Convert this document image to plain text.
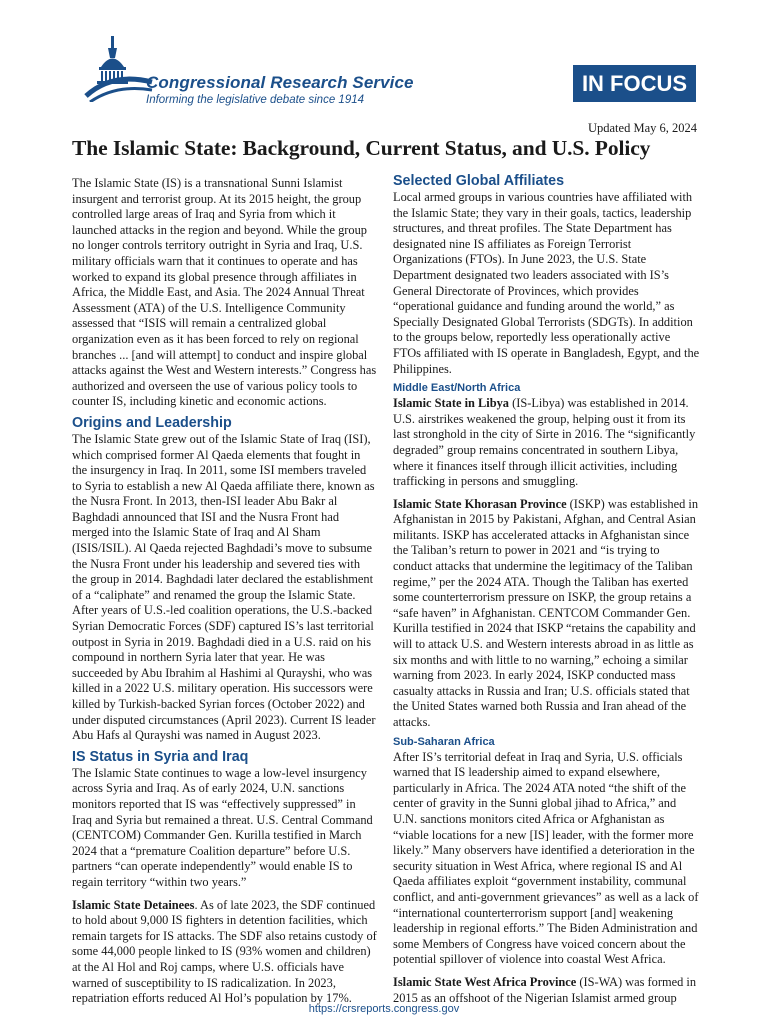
Congressional Research Service
Informing the legislative debate since 1914
IN FOCUS
Updated May 6, 2024
The Islamic State: Background, Current Status, and U.S. Policy

The Islamic State (IS) is a transnational Sunni Islamist insurgent and terrorist group. At its 2015 height, the group controlled large areas of Iraq and Syria from which it launched attacks in the region and beyond. While the group no longer controls territory outright in Syria and Iraq, U.S. military officials warn that it continues to operate and has worked to expand its global presence through affiliates in Africa, the Middle East, and Asia. The 2024 Annual Threat Assessment (ATA) of the U.S. Intelligence Community assessed that “ISIS will remain a centralized global organization even as it has been forced to rely on regional branches ... [and will attempt] to conduct and inspire global attacks against the West and Western interests.” Congress has authorized and overseen the use of various policy tools to counter IS, including kinetic and economic actions.

Origins and Leadership

The Islamic State grew out of the Islamic State of Iraq (ISI), which comprised former Al Qaeda elements that fought in the insurgency in Iraq. In 2011, some ISI members traveled to Syria to establish a new Al Qaeda affiliate there, known as the Nusra Front. In 2013, then-ISI leader Abu Bakr al Baghdadi announced that ISI and the Nusra Front had merged into the Islamic State of Iraq and Al Sham (ISIS/ISIL). Al Qaeda rejected Baghdadi’s move to subsume the Nusra Front under his leadership and severed ties with the group in 2014. Baghdadi later declared the establishment of a “caliphate” and renamed the group the Islamic State. After years of U.S.-led coalition operations, the U.S.-backed Syrian Democratic Forces (SDF) captured IS’s last territorial outpost in Syria in 2019. Baghdadi died in a U.S. raid on his compound in northern Syria later that year. He was succeeded by Abu Ibrahim al Hashimi al Qurayshi, who was killed in a 2022 U.S. military operation. His successors were killed by Turkish-backed Syrian forces (October 2022) and under disputed circumstances (April 2023). Current IS leader Abu Hafs al Qurayshi was named in August 2023.

IS Status in Syria and Iraq

The Islamic State continues to wage a low-level insurgency across Syria and Iraq. As of early 2024, U.N. sanctions monitors reported that IS was “effectively suppressed” in Iraq and Syria but remained a threat. U.S. Central Command (CENTCOM) Commander Gen. Kurilla testified in March 2024 that a “premature Coalition departure” before U.S. partners “can operate independently” would enable IS to regain territory “within two years.”

Islamic State Detainees. As of late 2023, the SDF continued to hold about 9,000 IS fighters in detention facilities, which remain targets for IS attacks. The SDF also retains custody of some 44,000 people linked to IS (93% women and children) at the Al Hol and Roj camps, where U.S. officials have warned of susceptibility to IS radicalization. In 2023, repatriation efforts reduced Al Hol’s population by 17%.

Selected Global Affiliates

Local armed groups in various countries have affiliated with the Islamic State; they vary in their goals, tactics, leadership structures, and threat profiles. The State Department has designated nine IS affiliates as Foreign Terrorist Organizations (FTOs). In June 2023, the U.S. State Department designated two leaders associated with IS’s General Directorate of Provinces, which provides “operational guidance and funding around the world,” as Specially Designated Global Terrorists (SDGTs). In addition to the groups below, reportedly less operationally active FTOs affiliated with IS operate in Bangladesh, Egypt, and the Philippines.

Middle East/North Africa

Islamic State in Libya (IS-Libya) was established in 2014. U.S. airstrikes weakened the group, helping oust it from its last stronghold in the city of Sirte in 2016. The “significantly degraded” group remains concentrated in southern Libya, where it finances itself through illicit activities, including trafficking in persons and smuggling.

Islamic State Khorasan Province (ISKP) was established in Afghanistan in 2015 by Pakistani, Afghan, and Central Asian militants. ISKP has accelerated attacks in Afghanistan since the Taliban’s return to power in 2021 and “is trying to conduct attacks that undermine the legitimacy of the Taliban regime,” per the 2024 ATA. Though the Taliban has exerted some counterterrorism pressure on ISKP, the group retains a “safe haven” in Afghanistan. CENTCOM Commander Gen. Kurilla testified in 2024 that ISKP “retains the capability and will to attack U.S. and Western interests abroad in as little as six months and with little to no warning,” echoing a similar warning from 2023. In early 2024, ISKP conducted mass casualty attacks in Russia and Iran; U.S. officials stated that the United States warned both Russia and Iran ahead of the attacks.

Sub-Saharan Africa

After IS’s territorial defeat in Iraq and Syria, U.S. officials warned that IS leadership aimed to expand elsewhere, particularly in Africa. The 2024 ATA noted “the shift of the center of gravity in the Sunni global jihad to Africa,” and U.N. sanctions monitors cited Africa or Afghanistan as “viable locations for a new [IS] leader, with the former more likely.” Many observers have identified a deterioration in the security situation in West Africa, where regional IS and Al Qaeda affiliates exploit “government instability, communal conflict, and anti-government grievances” as well as a lack of “international counterterrorism support [and] weakening leadership in regional efforts.” The Biden Administration and some Members of Congress have voiced concern about the potential spillover of violence into coastal West Africa.

Islamic State West Africa Province (IS-WA) was formed in 2015 as an offshoot of the Nigerian Islamist armed group

https://crsreports.congress.gov
